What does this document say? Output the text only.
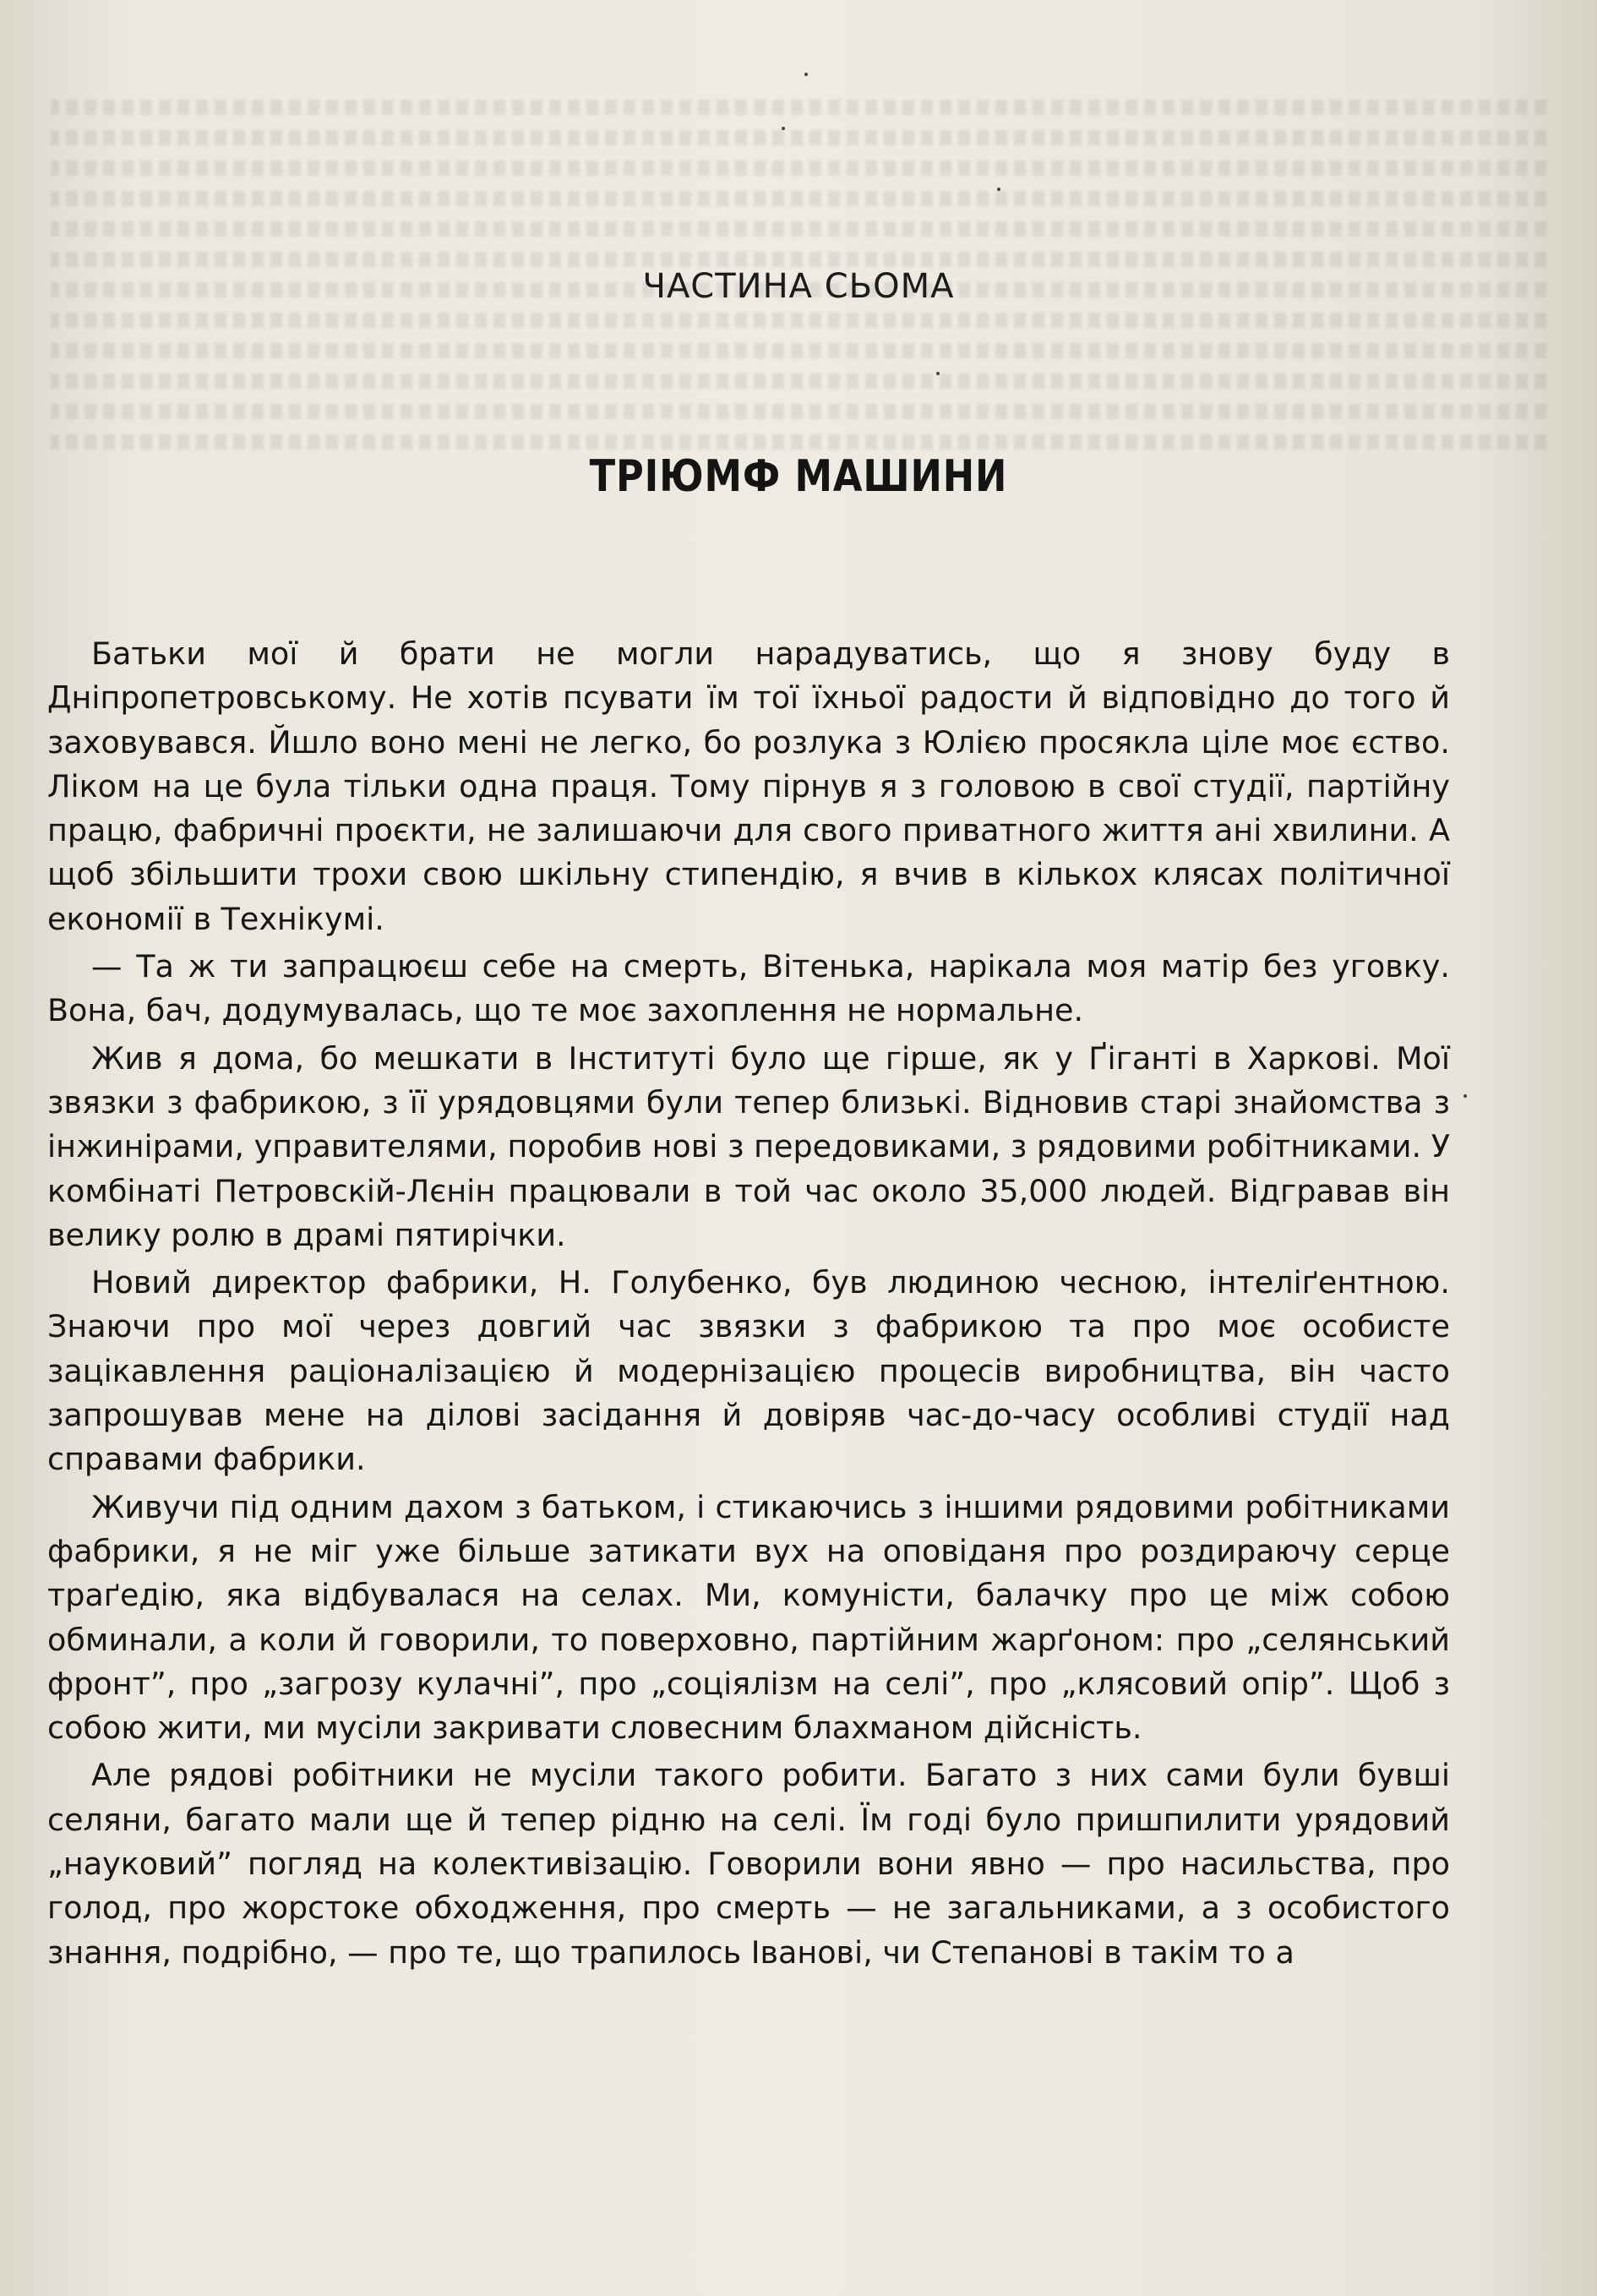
ЧАСТИНА СЬОМА
ТРІЮМФ МАШИНИ

Батьки мої й брати не могли нарадуватись, що я знову буду в Дніпропетровському. Не хотів псувати їм тої їхньої радости й відповідно до того й заховувався. Йшло воно мені не легко, бо розлука з Юлією просякла ціле моє єство. Ліком на це була тільки одна праця. Тому пірнув я з головою в свої студії, партійну працю, фабричні проєкти, не залишаючи для свого приватного життя ані хвилини. А щоб збільшити трохи свою шкільну стипендію, я вчив в кількох клясах політичної економії в Технікумі.

— Та ж ти запрацюєш себе на смерть, Вітенька, нарікала моя матір без уговку. Вона, бач, додумувалась, що те моє захоплення не нормальне.

Жив я дома, бо мешкати в Інституті було ще гірше, як у Ґіганті в Харкові. Мої звязки з фабрикою, з її урядовцями були тепер близькі. Відновив старі знайомства з інжинірами, управителями, поробив нові з передовиками, з рядовими робітниками. У комбінаті Петровскій-Лєнін працювали в той час около 35,000 людей. Відгравав він велику ролю в драмі пятирічки.

Новий директор фабрики, Н. Голубенко, був людиною чесною, інтеліґентною. Знаючи про мої через довгий час звязки з фабрикою та про моє особисте зацікавлення раціоналізацією й модернізацією процесів виробництва, він часто запрошував мене на ділові засідання й довіряв час-до-часу особливі студії над справами фабрики.

Живучи під одним дахом з батьком, і стикаючись з іншими рядовими робітниками фабрики, я не міг уже більше затикати вух на оповіданя про роздираючу серце траґедію, яка відбувалася на селах. Ми, комуністи, балачку про це між собою обминали, а коли й говорили, то поверховно, партійним жарґоном: про „селянський фронт”, про „загрозу кулачні”, про „соціялізм на селі”, про „клясовий опір”. Щоб з собою жити, ми мусіли закривати словесним блахманом дійсність.

Але рядові робітники не мусіли такого робити. Багато з них сами були бувші селяни, багато мали ще й тепер рідню на селі. Їм годі було пришпилити урядовий „науковий” погляд на колективізацію. Говорили вони явно — про насильства, про голод, про жорстоке обходження, про смерть — не загальниками, а з особистого знання, подрібно, — про те, що трапилось Іванові, чи Степанові в такім то а
